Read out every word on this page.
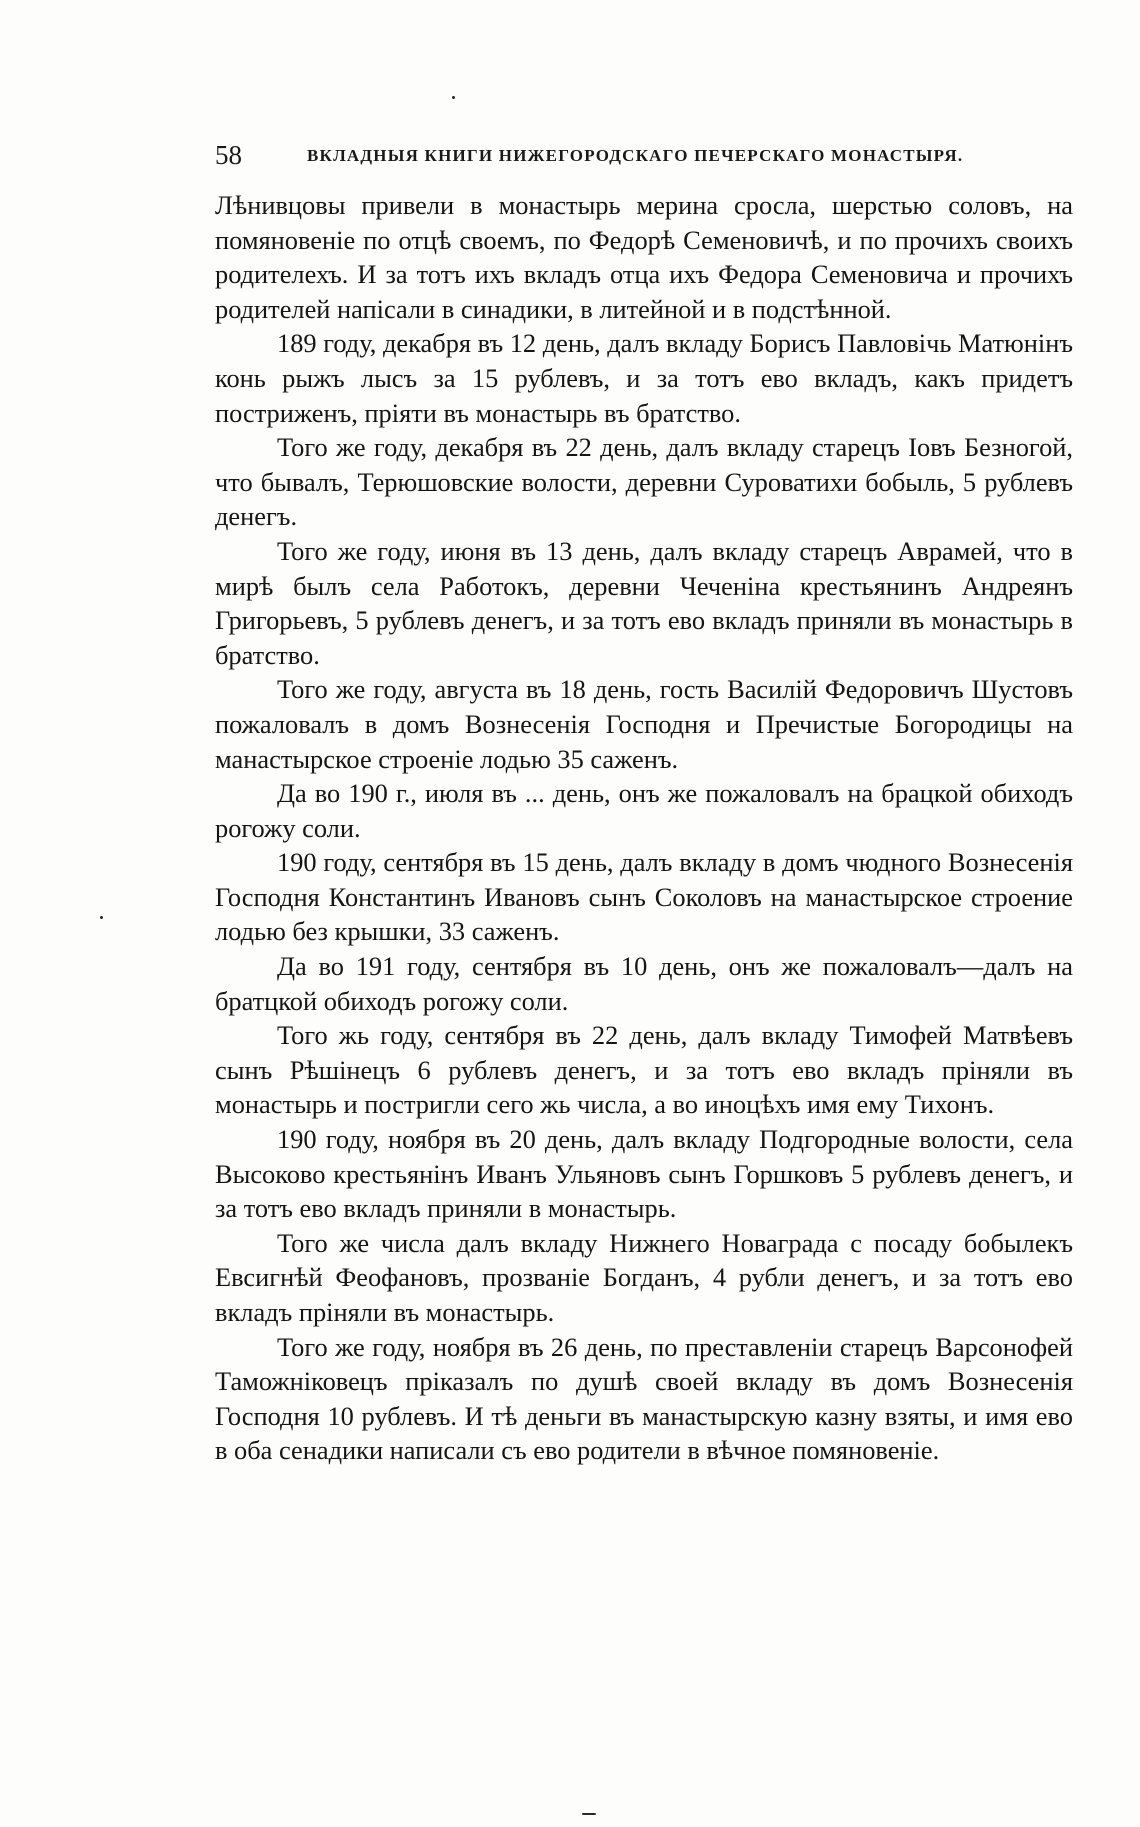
58	ВКЛАДНЫЯ КНИГИ НИЖЕГОРОДСКАГО ПЕЧЕРСКАГО МОНАСТЫРЯ.

Лѣнивцовы привели в монастырь мерина сросла, шерстью соловъ, на помяновеніе по отцѣ своемъ, по Федорѣ Семеновичѣ, и по прочихъ своихъ родителехъ. И за тотъ ихъ вкладъ отца ихъ Федора Семеновича и прочихъ родителей напісали в синадики, в литейной и в подстѣнной.

189 году, декабря въ 12 день, далъ вкладу Борисъ Павловічь Матюнінъ конь рыжъ лысъ за 15 рублевъ, и за тотъ ево вкладъ, какъ придетъ постриженъ, пріяти въ монастырь въ братство.

Того же году, декабря въ 22 день, далъ вкладу старецъ Іовъ Безногой, что бывалъ, Терюшовские волости, деревни Суроватихи бобыль, 5 рублевъ денегъ.

Того же году, июня въ 13 день, далъ вкладу старецъ Аврамей, что в мирѣ былъ села Работокъ, деревни Чеченіна крестьянинъ Андреянъ Григорьевъ, 5 рублевъ денегъ, и за тотъ ево вкладъ приняли въ монастырь в братство.

Того же году, августа въ 18 день, гость Василій Федоровичъ Шустовъ пожаловалъ в домъ Вознесенія Господня и Пречистые Богородицы на манастырское строеніе лодью 35 саженъ.

Да во 190 г., июля въ ... день, онъ же пожаловалъ на брацкой обиходъ рогожу соли.

190 году, сентября въ 15 день, далъ вкладу в домъ чюдного Вознесенія Господня Константинъ Ивановъ сынъ Соколовъ на манастырское строение лодью без крышки, 33 саженъ.

Да во 191 году, сентября въ 10 день, онъ же пожаловалъ—далъ на братцкой обиходъ рогожу соли.

Того жь году, сентября въ 22 день, далъ вкладу Тимофей Матвѣевъ сынъ Рѣшінецъ 6 рублевъ денегъ, и за тотъ ево вкладъ пріняли въ монастырь и постригли сего жь числа, а во иноцѣхъ имя ему Тихонъ.

190 году, ноября въ 20 день, далъ вкладу Подгородные волости, села Высоково крестьянінъ Иванъ Ульяновъ сынъ Горшковъ 5 рублевъ денегъ, и за тотъ ево вкладъ приняли в монастырь.

Того же числа далъ вкладу Нижнего Новаграда с посаду бобылекъ Евсигнѣй Феофановъ, прозваніе Богданъ, 4 рубли денегъ, и за тотъ ево вкладъ пріняли въ монастырь.

Того же году, ноября въ 26 день, по преставленіи старецъ Варсонофей Таможніковецъ пріказалъ по душѣ своей вкладу въ домъ Вознесенія Господня 10 рублевъ. И тѣ деньги въ манастырскую казну взяты, и имя ево в оба сенадики написали съ ево родители в вѣчное помяновеніе.
